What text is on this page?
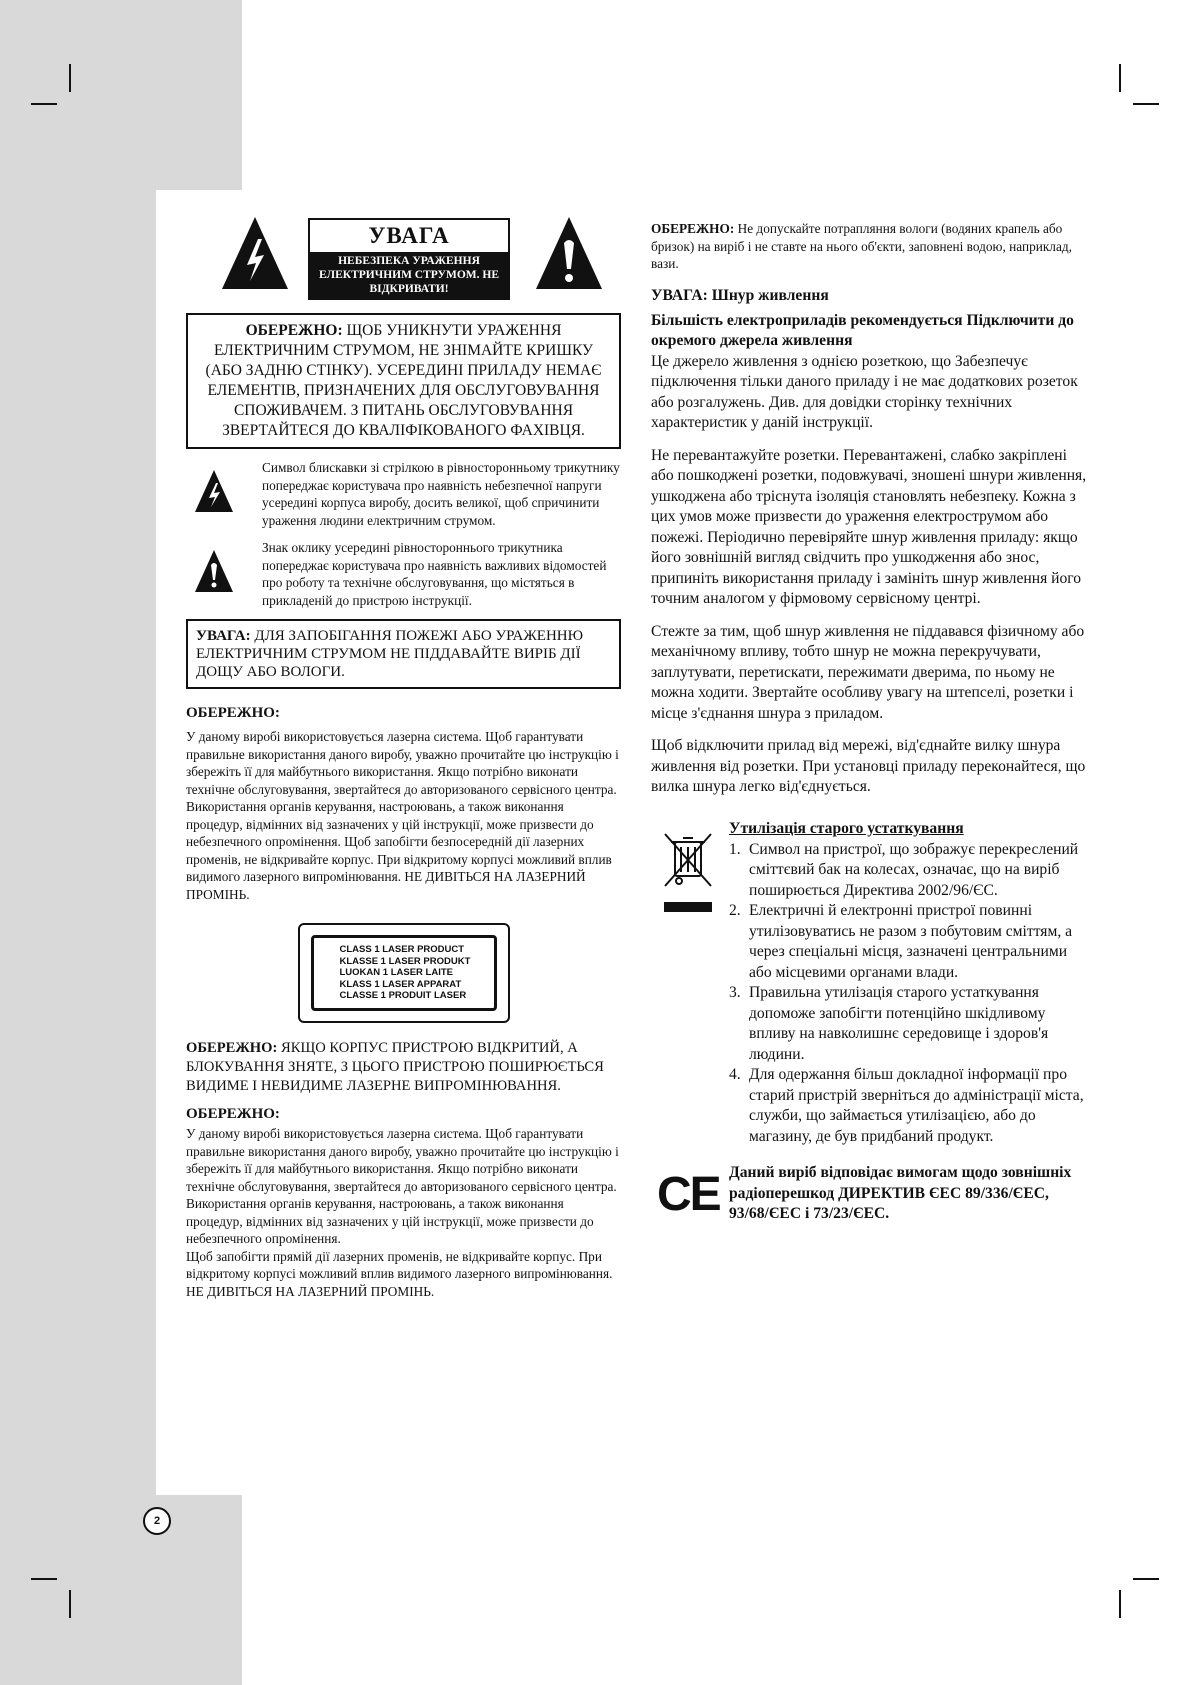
УВАГА
НЕБЕЗПЕКА УРАЖЕННЯ ЕЛЕКТРИЧНИМ СТРУМОМ. НЕ ВІДКРИВАТИ!
ОБЕРЕЖНО: ЩОБ УНИКНУТИ УРАЖЕННЯ ЕЛЕКТРИЧНИМ СТРУМОМ, НЕ ЗНІМАЙТЕ КРИШКУ (АБО ЗАДНЮ СТІНКУ). УСЕРЕДИНІ ПРИЛАДУ НЕМАЄ ЕЛЕМЕНТІВ, ПРИЗНАЧЕНИХ ДЛЯ ОБСЛУГОВУВАННЯ СПОЖИВАЧЕМ. З ПИТАНЬ ОБСЛУГОВУВАННЯ ЗВЕРТАЙТЕСЯ ДО КВАЛІФІКОВАНОГО ФАХІВЦЯ.

Символ блискавки зі стрілкою в рівносторонньому трикутнику попереджає користувача про наявність небезпечної напруги усередині корпуса виробу, досить великої, щоб спричинити ураження людини електричним струмом.

Знак оклику усередині рівностороннього трикутника попереджає користувача про наявність важливих відомостей про роботу та технічне обслуговування, що містяться в прикладеній до пристрою інструкції.

УВАГА: ДЛЯ ЗАПОБІГАННЯ ПОЖЕЖІ АБО УРАЖЕННЮ ЕЛЕКТРИЧНИМ СТРУМОМ НЕ ПІДДАВАЙТЕ ВИРІБ ДІЇ ДОЩУ АБО ВОЛОГИ.
ОБЕРЕЖНО:

У даному виробі використовується лазерна система. Щоб гарантувати правильне використання даного виробу, уважно прочитайте цю інструкцію і збережіть її для майбутнього використання. Якщо потрібно виконати технічне обслуговування, звертайтеся до авторизованого сервісного центра. Використання органів керування, настроювань, а також виконання процедур, відмінних від зазначених у цій інструкції, може призвести до небезпечного опромінення. Щоб запобігти безпосередній дії лазерних променів, не відкривайте корпус. При відкритому корпусі можливий вплив видимого лазерного випромінювання. НЕ ДИВІТЬСЯ НА ЛАЗЕРНИЙ ПРОМІНЬ.

CLASS 1 LASER PRODUCT
KLASSE 1 LASER PRODUKT
LUOKAN 1 LASER LAITE
KLASS 1 LASER APPARAT
CLASSE 1 PRODUIT LASER

ОБЕРЕЖНО: ЯКЩО КОРПУС ПРИСТРОЮ ВІДКРИТИЙ, А БЛОКУВАННЯ ЗНЯТЕ, З ЦЬОГО ПРИСТРОЮ ПОШИРЮЄТЬСЯ ВИДИМЕ І НЕВИДИМЕ ЛАЗЕРНЕ ВИПРОМІНЮВАННЯ.

ОБЕРЕЖНО:

У даному виробі використовується лазерна система. Щоб гарантувати правильне використання даного виробу, уважно прочитайте цю інструкцію і збережіть її для майбутнього використання. Якщо потрібно виконати технічне обслуговування, звертайтеся до авторизованого сервісного центра. Використання органів керування, настроювань, а також виконання процедур, відмінних від зазначених у цій інструкції, може призвести до небезпечного опромінення.

Щоб запобігти прямій дії лазерних променів, не відкривайте корпус. При відкритому корпусі можливий вплив видимого лазерного випромінювання. НЕ ДИВІТЬСЯ НА ЛАЗЕРНИЙ ПРОМІНЬ.

ОБЕРЕЖНО: Не допускайте потрапляння вологи (водяних крапель або бризок) на виріб і не ставте на нього об'єкти, заповнені водою, наприклад, вази.

УВАГА: Шнур живлення

Більшість електроприладів рекомендується Підключити до окремого джерела живлення

Це джерело живлення з однією розеткою, що Забезпечує підключення тільки даного приладу і не має додаткових розеток або розгалужень. Див. для довідки сторінку технічних характеристик у даній інструкції.

Не перевантажуйте розетки. Перевантажені, слабко закріплені або пошкоджені розетки, подовжувачі, зношені шнури живлення, ушкоджена або тріснута ізоляція становлять небезпеку. Кожна з цих умов може призвести до ураження електрострумом або пожежі. Періодично перевіряйте шнур живлення приладу: якщо його зовнішній вигляд свідчить про ушкодження або знос, припиніть використання приладу і замініть шнур живлення його точним аналогом у фірмовому сервісному центрі.

Стежте за тим, щоб шнур живлення не піддавався фізичному або механічному впливу, тобто шнур не можна перекручувати, заплутувати, перетискати, пережимати дверима, по ньому не можна ходити. Звертайте особливу увагу на штепселі, розетки і місце з'єднання шнура з приладом.

Щоб відключити прилад від мережі, від'єднайте вилку шнура живлення від розетки. При установці приладу переконайтеся, що вилка шнура легко від'єднується.

Утилізація старого устаткування
1. Символ на пристрої, що зображує перекреслений сміттєвий бак на колесах, означає, що на виріб поширюється Директива 2002/96/ЄС.
2. Електричні й електронні пристрої повинні утилізовуватись не разом з побутовим сміттям, а через спеціальні місця, зазначені центральними або місцевими органами влади.
3. Правильна утилізація старого устаткування допоможе запобігти потенційно шкідливому впливу на навколишнє середовище і здоров'я людини.
4. Для одержання більш докладної інформації про старий пристрій зверніться до адміністрації міста, служби, що займається утилізацією, або до магазину, де був придбаний продукт.
CE Даний виріб відповідає вимогам щодо зовнішніх радіоперешкод ДИРЕКТИВ ЄЕС 89/336/ЄЕС, 93/68/ЄЕС і 73/23/ЄЕС.

2
